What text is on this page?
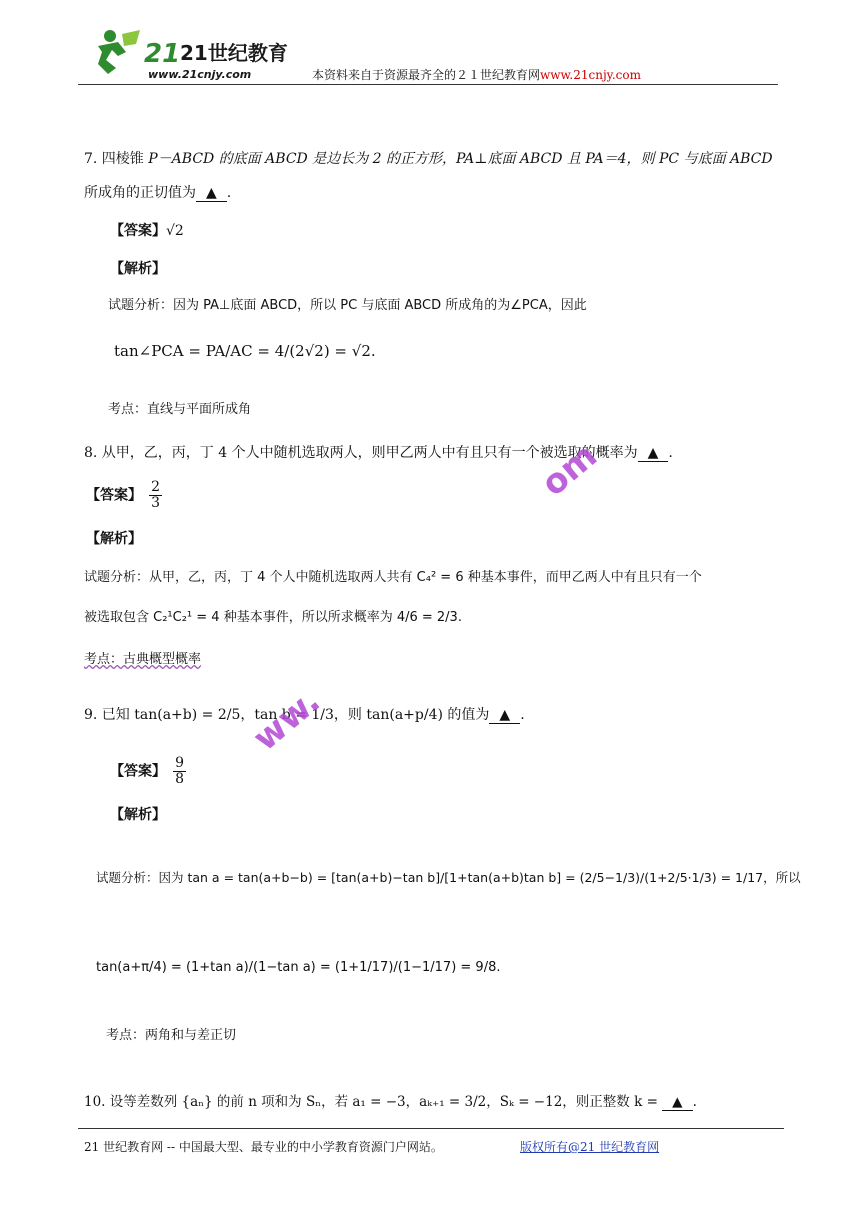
21 21世纪教育
www.21cnjy.com	本资料来自于资源最齐全的２１世纪教育网www.21cnjy.com
7. 四棱锥 P－ABCD 的底面 ABCD 是边长为 2 的正方形，PA⊥底面 ABCD 且 PA＝4，则 PC 与底面 ABCD
所成角的正切值为 ▲ .
【答案】√2
【解析】
试题分析：因为 PA⊥底面 ABCD，所以 PC 与底面 ABCD 所成角的为∠PCA，因此
tan∠PCA = PA/AC = 4/(2√2) = √2.
考点：直线与平面所成角
8. 从甲，乙，丙，丁 4 个人中随机选取两人，则甲乙两人中有且只有一个被选取的概率为 ▲ .
【答案】 $\frac{2}{3}$
【解析】
试题分析：从甲，乙，丙，丁 4 个人中随机选取两人共有 C₄² = 6 种基本事件，而甲乙两人中有且只有一个
被选取包含 C₂¹C₂¹ = 4 种基本事件，所以所求概率为 4/6 = 2/3.
考点：古典概型概率
9. 已知 tan(a+b) = 2/5，tan b = 1/3，则 tan(a+p/4) 的值为 ▲ .
【答案】 $\frac{9}{8}$
【解析】
试题分析：因为 tan a = tan(a+b−b) = [tan(a+b)−tan b]/[1+tan(a+b)tan b] = (2/5−1/3)/(1+2/5·1/3) = 1/17，所以
tan(a+π/4) = (1+tan a)/(1−tan a) = (1+1/17)/(1−1/17) = 9/8.
考点：两角和与差正切
10. 设等差数列 {aₙ} 的前 n 项和为 Sₙ，若 a₁ = −3，aₖ₊₁ = 3/2，Sₖ = −12，则正整数 k = ▲ .
om
ww.
21 世纪教育网 -- 中国最大型、最专业的中小学教育资源门户网站。	版权所有@21 世纪教育网
